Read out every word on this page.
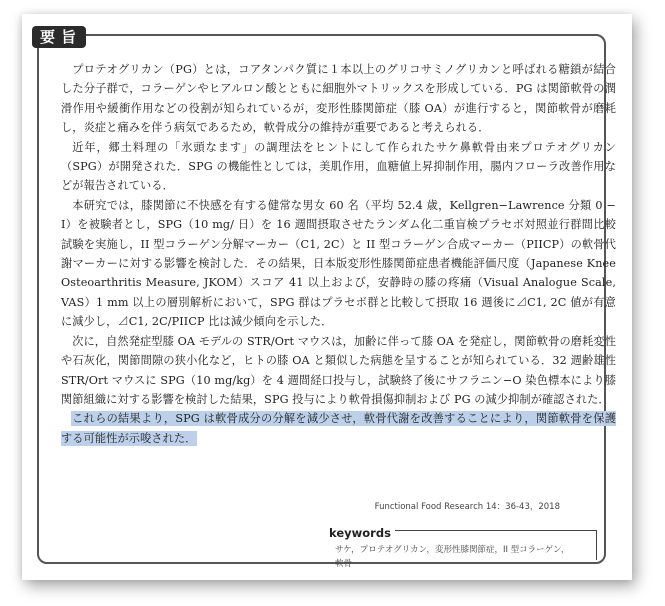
要旨

プロテオグリカン（PG）とは，コアタンパク質に１本以上のグリコサミノグリカンと呼ばれる糖鎖が結合した分子群で，コラーゲンやヒアルロン酸とともに細胞外マトリックスを形成している．PG は関節軟骨の潤滑作用や緩衝作用などの役割が知られているが，変形性膝関節症（膝 OA）が進行すると，関節軟骨が磨耗し，炎症と痛みを伴う病気であるため，軟骨成分の維持が重要であると考えられる．

近年，郷土料理の「氷頭なます」の調理法をヒントにして作られたサケ鼻軟骨由来プロテオグリカン（SPG）が開発された．SPG の機能性としては，美肌作用，血糖値上昇抑制作用，腸内フローラ改善作用などが報告されている．

本研究では，膝関節に不快感を有する健常な男女 60 名（平均 52.4 歳，Kellgren−Lawrence 分類 0 − I）を被験者とし，SPG（10 mg/ 日）を 16 週間摂取させたランダム化二重盲検プラセボ対照並行群間比較試験を実施し，II 型コラーゲン分解マーカー（C1, 2C）と II 型コラーゲン合成マーカー（PIICP）の軟骨代謝マーカーに対する影響を検討した．その結果，日本版変形性膝関節症患者機能評価尺度（Japanese Knee Osteoarthritis Measure, JKOM）スコア 41 以上および，安静時の膝の疼痛（Visual Analogue Scale, VAS）1 mm 以上の層別解析において，SPG 群はプラセボ群と比較して摂取 16 週後に⊿C1, 2C 値が有意に減少し，⊿C1, 2C/PIICP 比は減少傾向を示した．

次に，自然発症型膝 OA モデルの STR/Ort マウスは，加齢に伴って膝 OA を発症し，関節軟骨の磨耗変性や石灰化，関節間隙の狭小化など，ヒトの膝 OA と類似した病態を呈することが知られている．32 週齢雄性 STR/Ort マウスに SPG（10 mg/kg）を 4 週間経口投与し，試験終了後にサフラニン−O 染色標本により膝関節組織に対する影響を検討した結果，SPG 投与により軟骨損傷抑制および PG の減少抑制が確認された．

これらの結果より，SPG は軟骨成分の分解を減少させ，軟骨代謝を改善することにより，関節軟骨を保護する可能性が示唆された．

Functional Food Research 14：36-43，2018
keywords
サケ，プロテオグリカン，変形性膝関節症，II 型コラーゲン，軟骨
